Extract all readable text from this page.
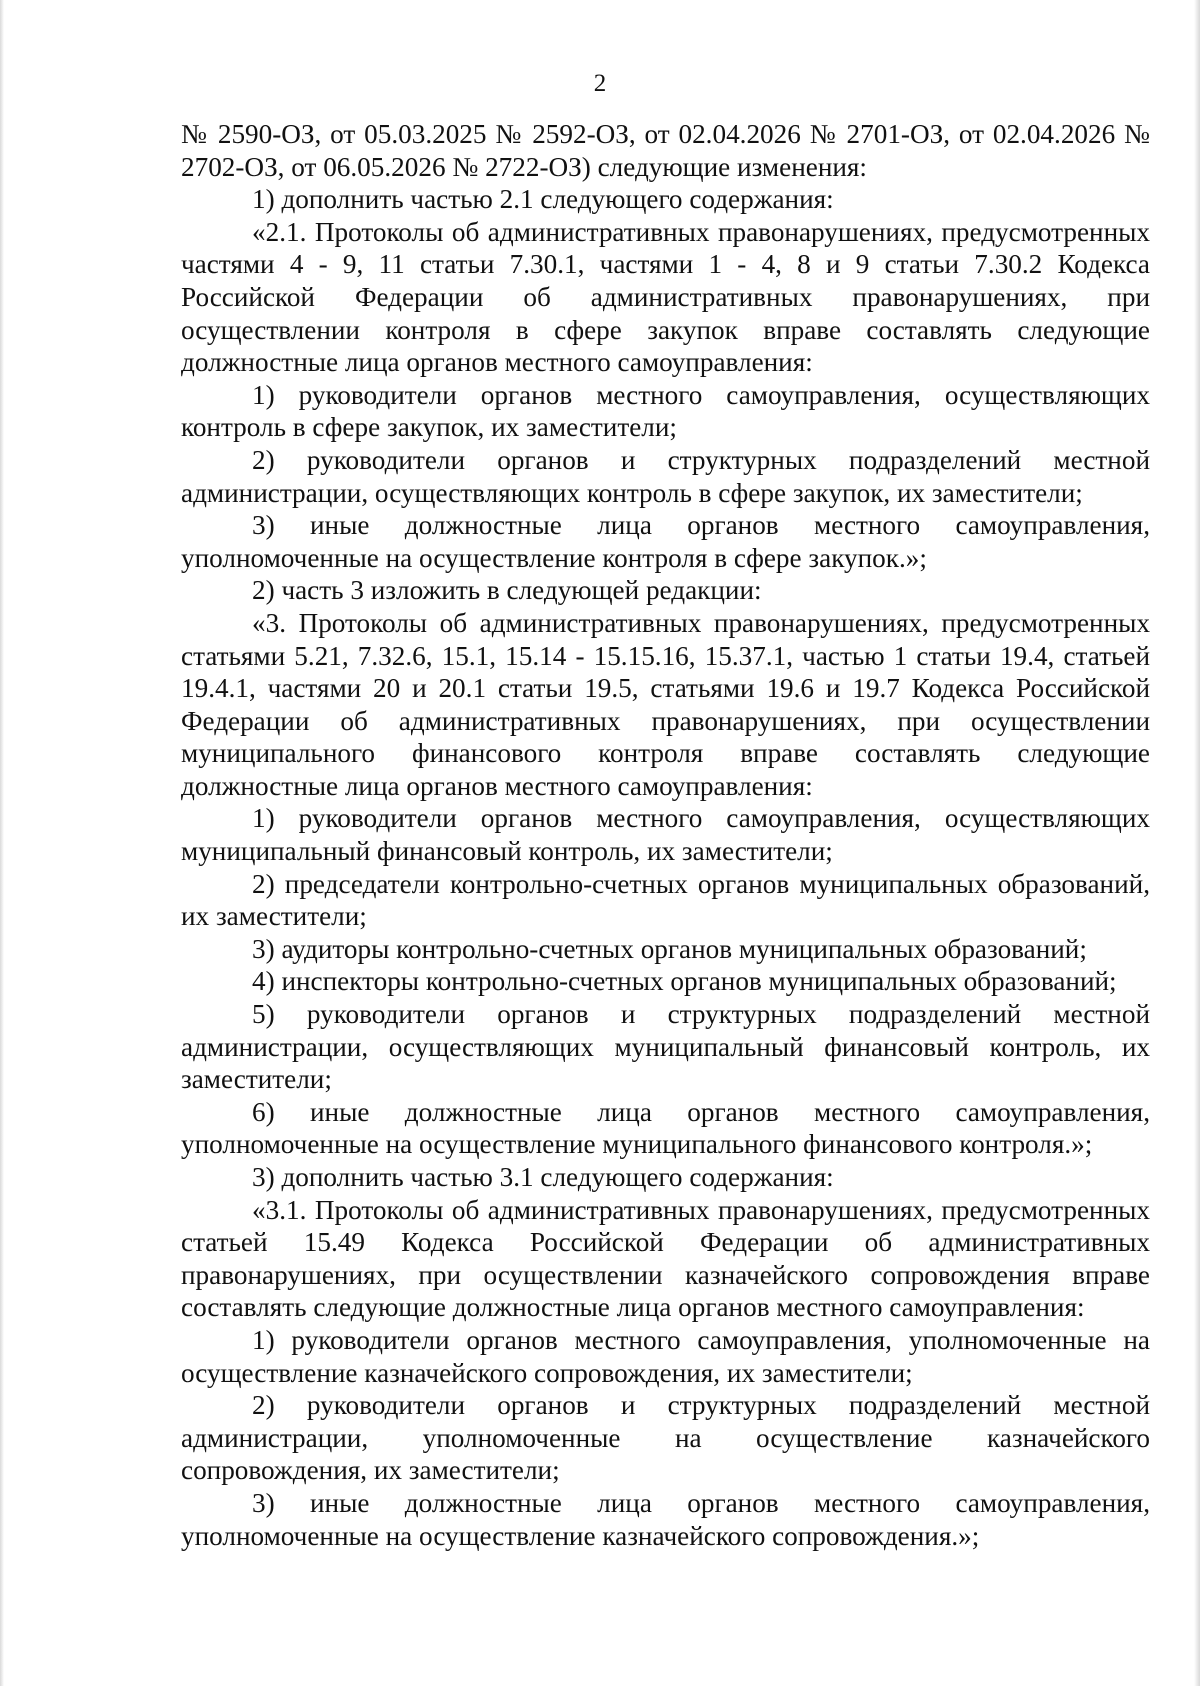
2

№ 2590-ОЗ, от 05.03.2025 № 2592-ОЗ, от 02.04.2026 № 2701-ОЗ, от 02.04.2026 № 2702-ОЗ, от 06.05.2026 № 2722-ОЗ) следующие изменения:

1) дополнить частью 2.1 следующего содержания:

«2.1. Протоколы об административных правонарушениях, предусмотренных частями 4 - 9, 11 статьи 7.30.1, частями 1 - 4, 8 и 9 статьи 7.30.2 Кодекса Российской Федерации об административных правонарушениях, при осуществлении контроля в сфере закупок вправе составлять следующие должностные лица органов местного самоуправления:

1) руководители органов местного самоуправления, осуществляющих контроль в сфере закупок, их заместители;

2) руководители органов и структурных подразделений местной администрации, осуществляющих контроль в сфере закупок, их заместители;

3) иные должностные лица органов местного самоуправления, уполномоченные на осуществление контроля в сфере закупок.»;

2) часть 3 изложить в следующей редакции:

«3. Протоколы об административных правонарушениях, предусмотренных статьями 5.21, 7.32.6, 15.1, 15.14 - 15.15.16, 15.37.1, частью 1 статьи 19.4, статьей 19.4.1, частями 20 и 20.1 статьи 19.5, статьями 19.6 и 19.7 Кодекса Российской Федерации об административных правонарушениях, при осуществлении муниципального финансового контроля вправе составлять следующие должностные лица органов местного самоуправления:

1) руководители органов местного самоуправления, осуществляющих муниципальный финансовый контроль, их заместители;

2) председатели контрольно-счетных органов муниципальных образований, их заместители;

3) аудиторы контрольно-счетных органов муниципальных образований;

4) инспекторы контрольно-счетных органов муниципальных образований;

5) руководители органов и структурных подразделений местной администрации, осуществляющих муниципальный финансовый контроль, их заместители;

6) иные должностные лица органов местного самоуправления, уполномоченные на осуществление муниципального финансового контроля.»;

3) дополнить частью 3.1 следующего содержания:

«3.1. Протоколы об административных правонарушениях, предусмотренных статьей 15.49 Кодекса Российской Федерации об административных правонарушениях, при осуществлении казначейского сопровождения вправе составлять следующие должностные лица органов местного самоуправления:

1) руководители органов местного самоуправления, уполномоченные на осуществление казначейского сопровождения, их заместители;

2) руководители органов и структурных подразделений местной администрации, уполномоченные на осуществление казначейского сопровождения, их заместители;

3) иные должностные лица органов местного самоуправления, уполномоченные на осуществление казначейского сопровождения.»;
